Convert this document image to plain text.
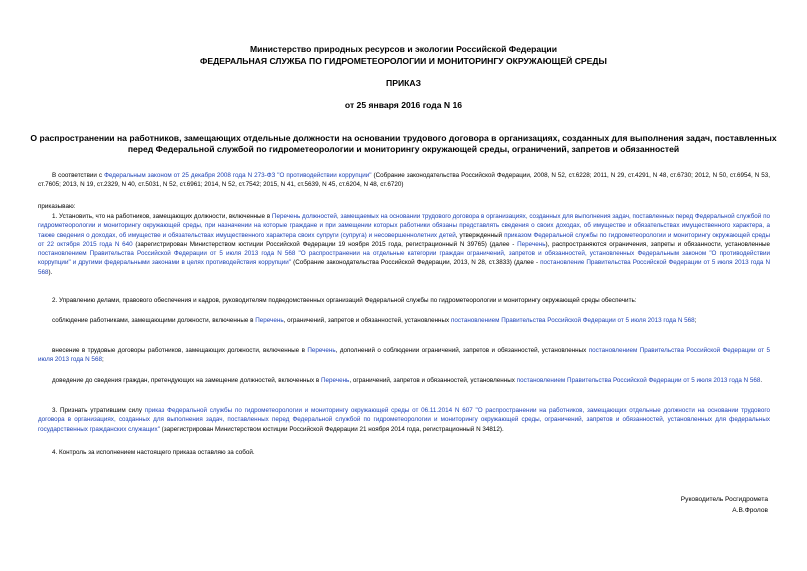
Министерство природных ресурсов и экологии Российской Федерации
ФЕДЕРАЛЬНАЯ СЛУЖБА ПО ГИДРОМЕТЕОРОЛОГИИ И МОНИТОРИНГУ ОКРУЖАЮЩЕЙ СРЕДЫ
ПРИКАЗ
от 25 января 2016 года N 16
О распространении на работников, замещающих отдельные должности на основании трудового договора в организациях, созданных для выполнения задач, поставленных перед Федеральной службой по гидрометеорологии и мониторингу окружающей среды, ограничений, запретов и обязанностей
В соответствии с Федеральным законом от 25 декабря 2008 года N 273-ФЗ "О противодействии коррупции" (Собрание законодательства Российской Федерации, 2008, N 52, ст.6228; 2011, N 29, ст.4291, N 48, ст.6730; 2012, N 50, ст.6954, N 53, ст.7605; 2013, N 19, ст.2329, N 40, ст.5031, N 52, ст.6961; 2014, N 52, ст.7542; 2015, N 41, ст.5639, N 45, ст.6204, N 48, ст.6720)
приказываю:
1. Установить, что на работников, замещающих должности, включенные в Перечень должностей, замещаемых на основании трудового договора в организациях, созданных для выполнения задач, поставленных перед Федеральной службой по гидрометеорологии и мониторингу окружающей среды, при назначении на которые граждане и при замещении которых работники обязаны представлять сведения о своих доходах, об имуществе и обязательствах имущественного характера, а также сведения о доходах, об имуществе и обязательствах имущественного характера своих супруги (супруга) и несовершеннолетних детей, утвержденный приказом Федеральной службы по гидрометеорологии и мониторингу окружающей среды от 22 октября 2015 года N 640 (зарегистрирован Министерством юстиции Российской Федерации 19 ноября 2015 года, регистрационный N 39765) (далее - Перечень), распространяются ограничения, запреты и обязанности, установленные постановлением Правительства Российской Федерации от 5 июля 2013 года N 568 "О распространении на отдельные категории граждан ограничений, запретов и обязанностей, установленных Федеральным законом "О противодействии коррупции" и другими федеральными законами в целях противодействия коррупции" (Собрание законодательства Российской Федерации, 2013, N 28, ст.3833) (далее - постановление Правительства Российской Федерации от 5 июля 2013 года N 568).
2. Управлению делами, правового обеспечения и кадров, руководителям подведомственных организаций Федеральной службы по гидрометеорологии и мониторингу окружающей среды обеспечить:
соблюдение работниками, замещающими должности, включенные в Перечень, ограничений, запретов и обязанностей, установленных постановлением Правительства Российской Федерации от 5 июля 2013 года N 568;
внесение в трудовые договоры работников, замещающих должности, включенные в Перечень, дополнений о соблюдении ограничений, запретов и обязанностей, установленных постановлением Правительства Российской Федерации от 5 июля 2013 года N 568;
доведение до сведения граждан, претендующих на замещение должностей, включенных в Перечень, ограничений, запретов и обязанностей, установленных постановлением Правительства Российской Федерации от 5 июля 2013 года N 568.
3. Признать утратившим силу приказ Федеральной службы по гидрометеорологии и мониторингу окружающей среды от 06.11.2014 N 607 "О распространении на работников, замещающих отдельные должности на основании трудового договора в организациях, созданных для выполнения задач, поставленных перед Федеральной службой по гидрометеорологии и мониторингу окружающей среды, ограничений, запретов и обязанностей, установленных для федеральных государственных гражданских служащих" (зарегистрирован Министерством юстиции Российской Федерации 21 ноября 2014 года, регистрационный N 34812).
4. Контроль за исполнением настоящего приказа оставляю за собой.
Руководитель Росгидромета
А.В.Фролов
